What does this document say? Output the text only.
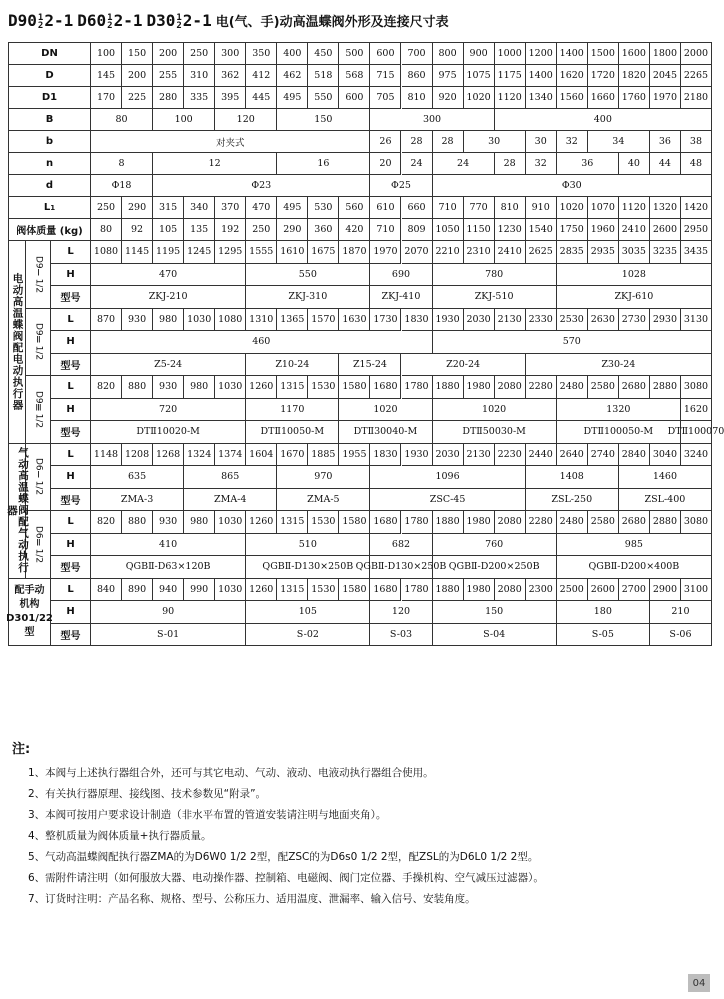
D90 1
2 2-1 D60 1
2 2-1 D30 1
2 2-1 电(气、手)动高温蝶阀外形及连接尺寸表
DN	100	150	200	250	300	350	400	450	500	600	700	800	900	1000 1200 1400 1500 1600 1800 2000
D	145	200	255	310	362	412	462	518	568	715	860	975	1075 1175 1400 1620 1720 1820 2045 2265
D1	170	225	280	335	395	445	495	550	600	705	810	920	1020 1120 1340 1560 1660 1760 1970 2180
B	80	100	120	150	300	400
b	对夹式	26	28	28	30	30	32	34	36	38
n	8	12	16	20	24	24	28	32	36	40	44	48
d	Φ18	Φ23	Φ25	Φ30
L 1	250	290	315	340	370	470	495	530	560	610	660	710	770	810	910	1020 1070 1120 1320 1420
阀体质量 (kg)	80	92	105	135	192	250	290	360	420	710	809	1050 1150 1230 1540 1750 1960 2410 2600 2950
L	1080 1145 1195 1245 1295 1555 1610 1675 1870 1970 2070 2210 2310 2410 2625 2835 2935 3035 3235 3435
H	470	550	690	780	1028
型号	ZKJ-210	ZKJ-310	ZKJ-410	ZKJ-510	ZKJ-610
D9Ⅰ1/2
L	870	930	980	1030 1080 1310 1365 1570 1630 1730 1830 1930 2030 2130 2330 2530 2630 2730 2930 3130
H	460	570
型号	Z5-24	Z10-24	Z15-24	Z20-24	Z30-24
D9Ⅱ1/2
L	820	880	930	980	1030 1260 1315 1530 1580 1680 1780 1880 1980 2080 2280 2480 2580 2680 2880 3080
H	720	1170	1020	1020	1320	1620
型号	DTⅡ10020-M	DTⅡ10050-M	DTⅡ30040-M	DTⅡ50030-M	DTⅡ100050-M	DTⅡ100070
D9Ⅲ1/2
电动高温蝶阀配电动执行器
L	1148 1208 1268 1324 1374 1604 1670 1885 1955 1830 1930 2030 2130 2230 2440 2640 2740 2840 3040 3240
H	635	865	970	1096	1408	1460
型号	ZMA-3	ZMA-4	ZMA-5	ZSC-45	ZSL-250	ZSL-400
D6Ⅰ1/2
L	820	880	930	980	1030 1260 1315 1530 1580 1680 1780 1880 1980 2080 2280 2480 2580 2680 2880 3080
H	410	510	682	760	985
型号	QGBⅡ-D63×120B	QGBⅡ-D130×250B QGBⅡ-D130×250B QGBⅡ-D200×250B	QGBⅡ-D200×400B
D6Ⅱ1/2
气动高温蝶阀配气动执行器
L	840	890	940	990	1030 1260 1315 1530 1580 1680 1780 1880 1980 2080 2300 2500 2600 2700 2900 3100
H	90	105	120	150	180	210
型号	S-01	S-02	S-03	S-04	S-05	S-06
配手动
机构
D301/22型
注:
1、本阀与上述执行器组合外，还可与其它电动、气动、液动、电液动执行器组合使用。
2、有关执行器原理、接线图、技术参数见“附录”。
3、本阀可按用户要求设计制造（非水平布置的管道安装请注明与地面夹角）。
4、整机质量为阀体质量+执行器质量。
5、气动高温蝶阀配执行器ZMA的为D6W0 1/2 2型，配ZSC的为D6s0 1/2 2型，配ZSL的为D6L0 1/2 2型。
6、需附件请注明（如何服放大器、电动操作器、控制箱、电磁阀、阀门定位器、手操机构、空气减压过滤器）。
7、订货时注明：产品名称、规格、型号、公称压力、适用温度、泄漏率、输入信号、安装角度。
04
